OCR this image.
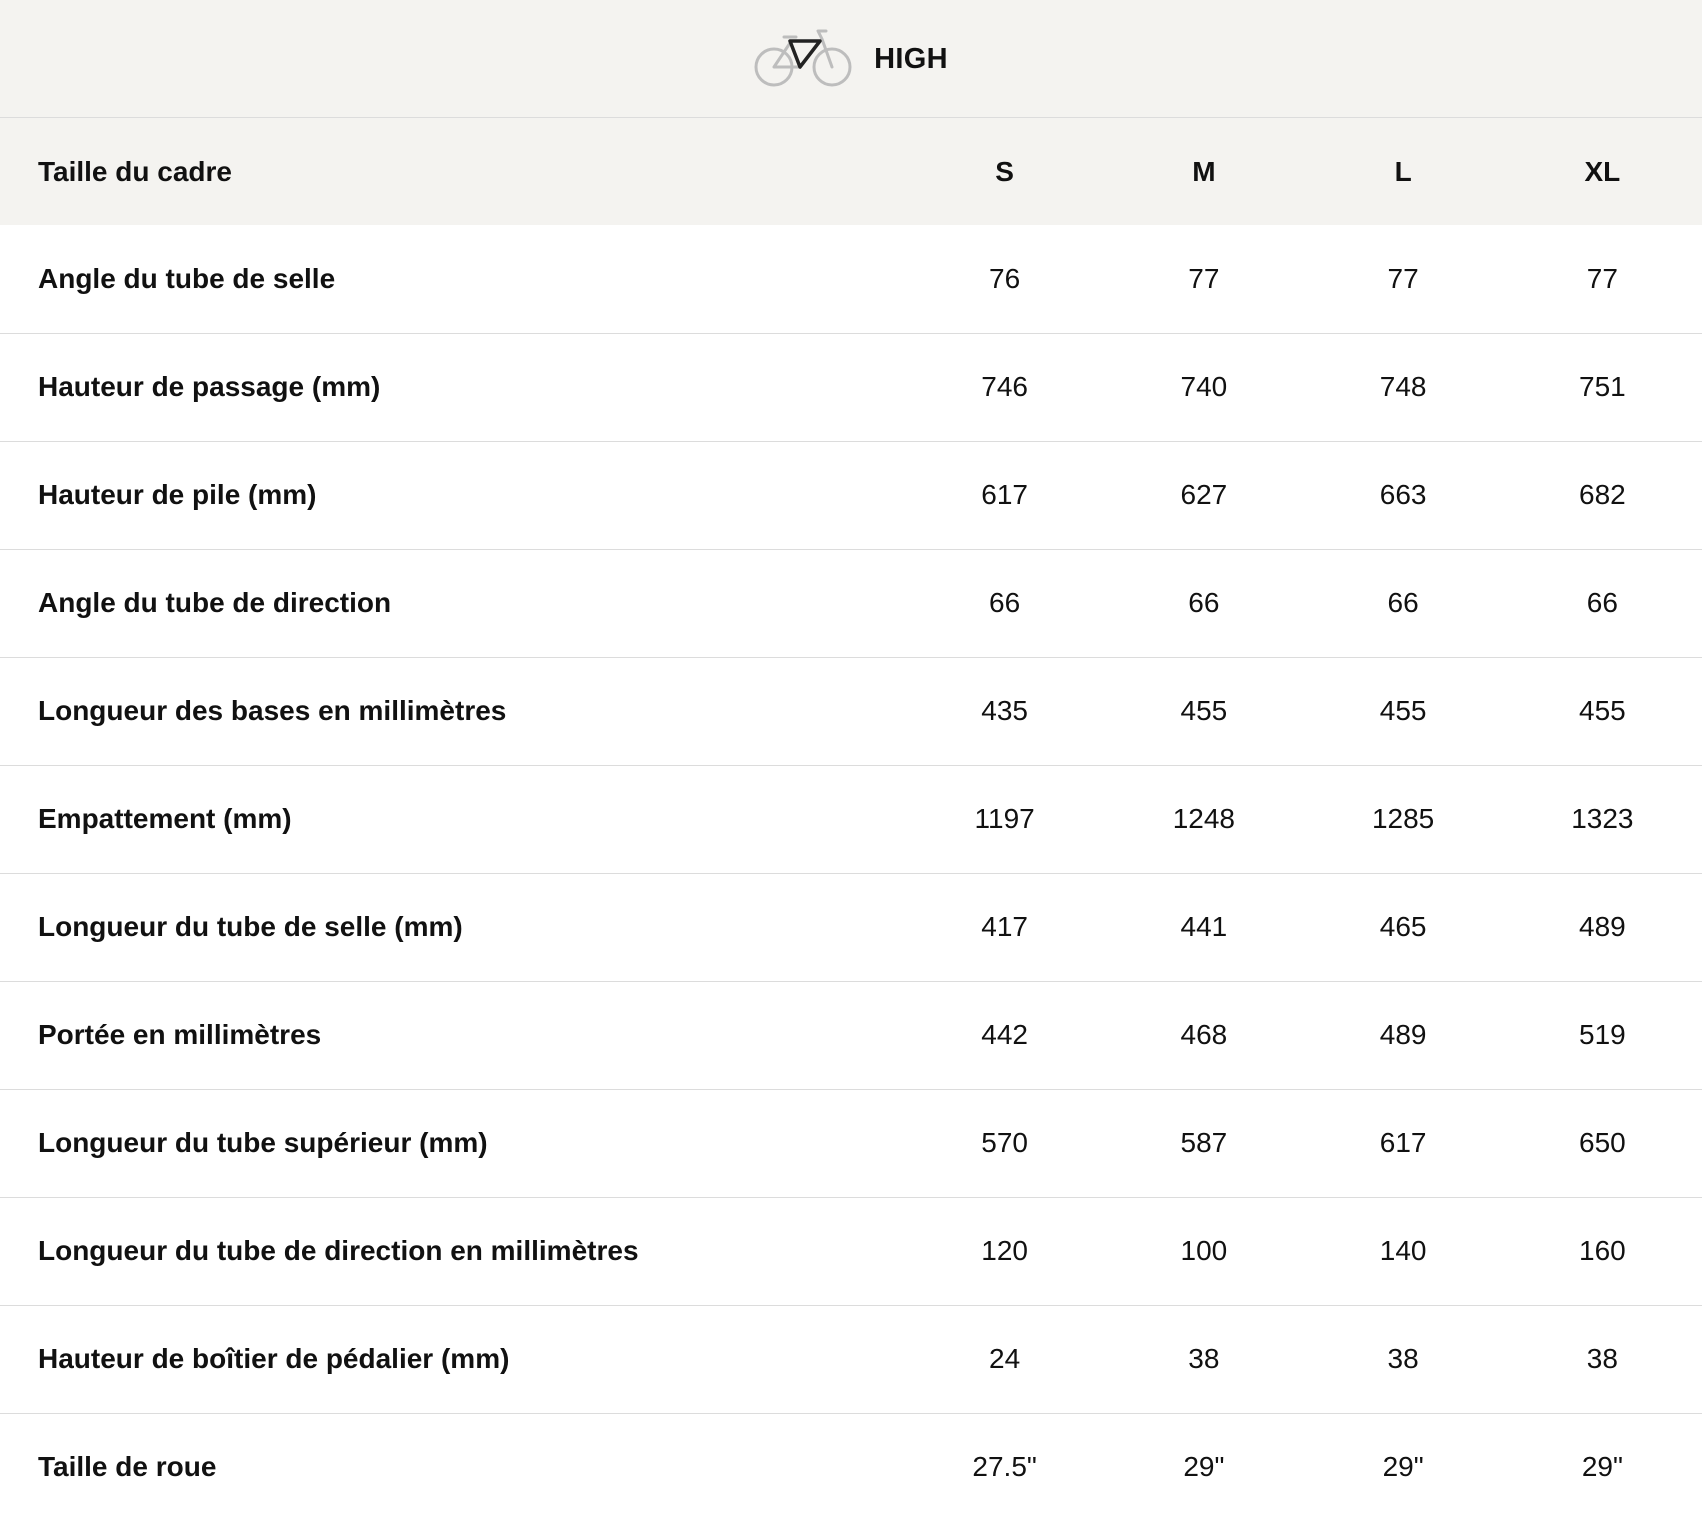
HIGH
Taille du cadre	S	M	L	XL
Angle du tube de selle	76	77	77	77
Hauteur de passage (mm)	746	740	748	751
Hauteur de pile (mm)	617	627	663	682
Angle du tube de direction	66	66	66	66
Longueur des bases en millimètres	435	455	455	455
Empattement (mm)	1197	1248	1285	1323
Longueur du tube de selle (mm)	417	441	465	489
Portée en millimètres	442	468	489	519
Longueur du tube supérieur (mm)	570	587	617	650
Longueur du tube de direction en millimètres	120	100	140	160
Hauteur de boîtier de pédalier (mm)	24	38	38	38
Taille de roue	27.5"	29"	29"	29"
